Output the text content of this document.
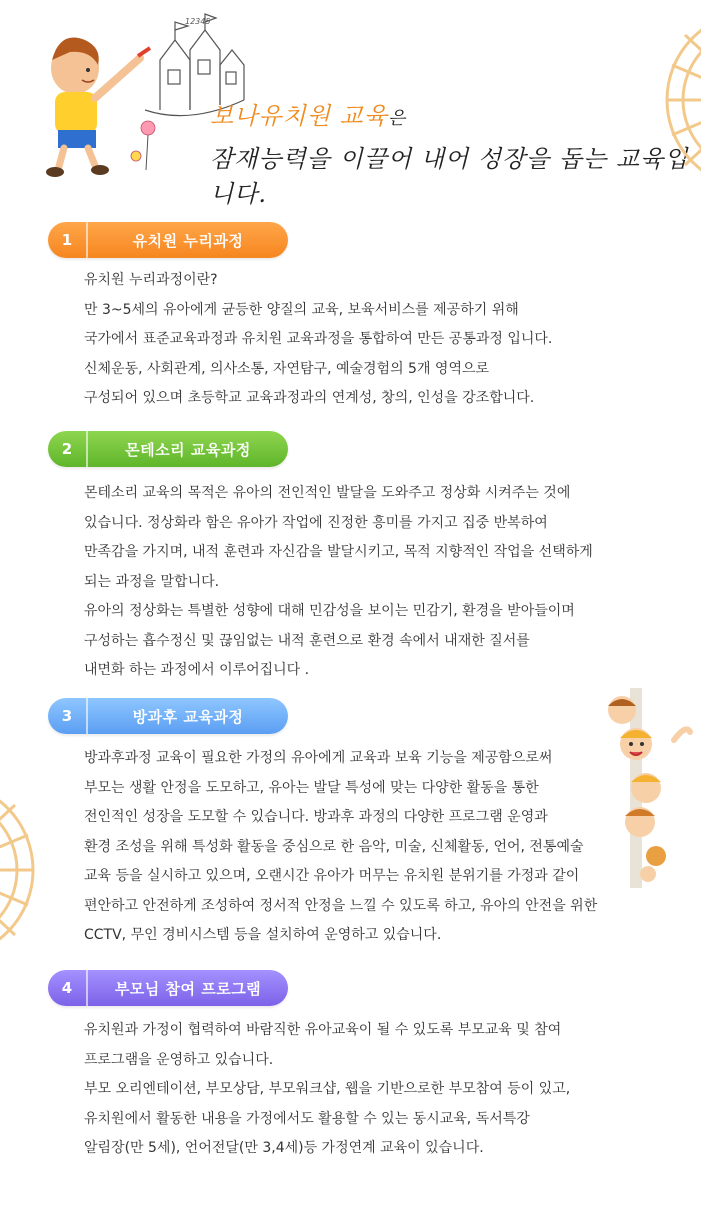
12345
보나유치원 교육은
잠재능력을 이끌어 내어 성장을 돕는 교육입니다.
1	유치원 누리과정

유치원 누리과정이란?

만 3~5세의 유아에게 균등한 양질의 교육, 보육서비스를 제공하기 위해

국가에서 표준교육과정과 유치원 교육과정을 통합하여 만든 공통과정 입니다.

신체운동, 사회관계, 의사소통, 자연탐구, 예술경험의 5개 영역으로

구성되어 있으며 초등학교 교육과정과의 연계성, 창의, 인성을 강조합니다.

2	몬테소리 교육과정

몬테소리 교육의 목적은 유아의 전인적인 발달을 도와주고 정상화 시켜주는 것에

있습니다. 정상화라 함은 유아가 작업에 진정한 흥미를 가지고 집중 반복하여

만족감을 가지며, 내적 훈련과 자신감을 발달시키고, 목적 지향적인 작업을 선택하게

되는 과정을 말합니다.

유아의 정상화는 특별한 성향에 대해 민감성을 보이는 민감기, 환경을 받아들이며

구성하는 흡수정신 및 끊임없는 내적 훈련으로 환경 속에서 내재한 질서를

내면화 하는 과정에서 이루어집니다 .

3	방과후 교육과정

방과후과정 교육이 필요한 가정의 유아에게 교육과 보육 기능을 제공함으로써

부모는 생활 안정을 도모하고, 유아는 발달 특성에 맞는 다양한 활동을 통한

전인적인 성장을 도모할 수 있습니다. 방과후 과정의 다양한 프로그램 운영과

환경 조성을 위해 특성화 활동을 중심으로 한 음악, 미술, 신체활동, 언어, 전통예술

교육 등을 실시하고 있으며, 오랜시간 유아가 머무는 유치원 분위기를 가정과 같이

편안하고 안전하게 조성하여 정서적 안정을 느낄 수 있도록 하고, 유아의 안전을 위한

CCTV, 무인 경비시스템 등을 설치하여 운영하고 있습니다.

4	부모님 참여 프로그램

유치원과 가정이 협력하여 바람직한 유아교육이 될 수 있도록 부모교육 및 참여

프로그램을 운영하고 있습니다.

부모 오리엔테이션, 부모상담, 부모워크샵, 웹을 기반으로한 부모참여 등이 있고,

유치원에서 활동한 내용을 가정에서도 활용할 수 있는 동시교육, 독서특강

알림장(만 5세), 언어전달(만 3,4세)등 가정연계 교육이 있습니다.
